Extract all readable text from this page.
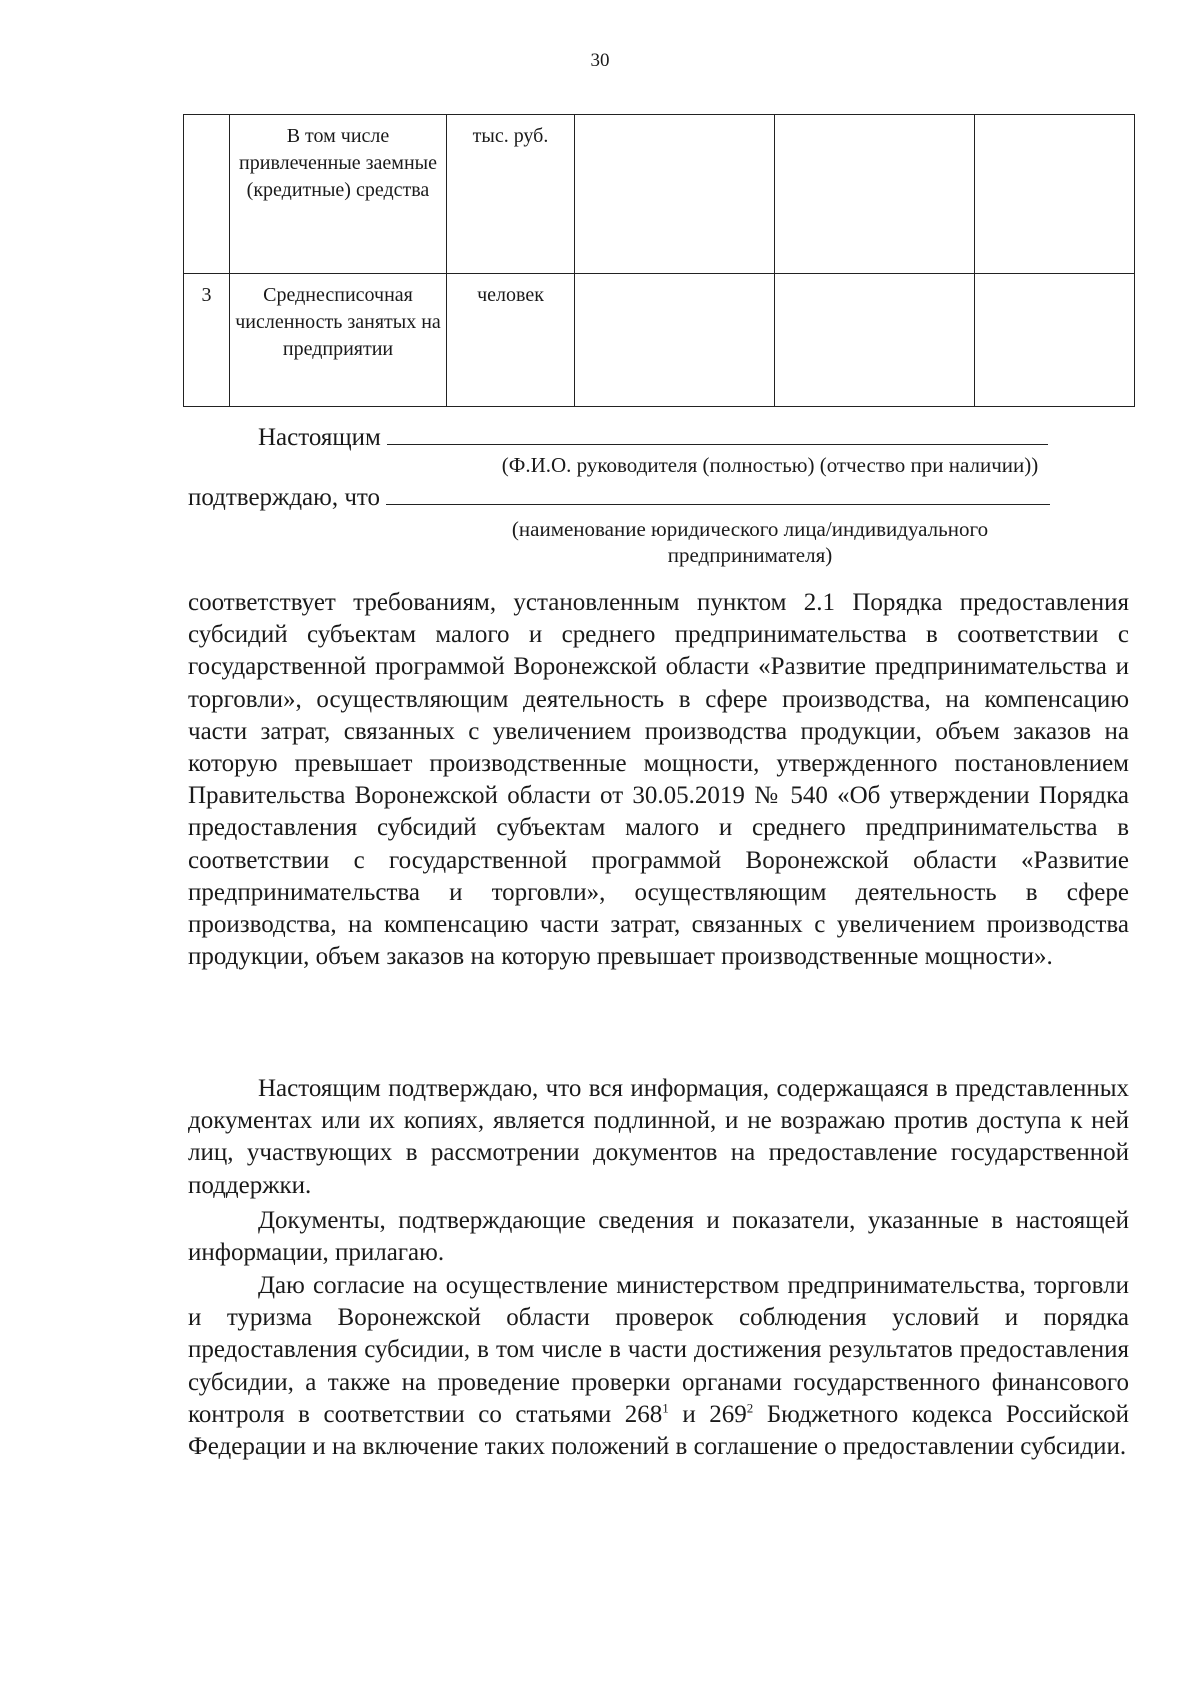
30
	В том числе привлеченные заемные (кредитные) средства	тыс. руб.			
3	Среднесписочная численность занятых на предприятии	человек			
Настоящим
(Ф.И.О. руководителя (полностью) (отчество при наличии))
подтверждаю, что
(наименование юридического лица/индивидуального предпринимателя)

соответствует требованиям, установленным пунктом 2.1 Порядка предоставления субсидий субъектам малого и среднего предпринимательства в соответствии с государственной программой Воронежской области «Развитие предпринимательства и торговли», осуществляющим деятельность в сфере производства, на компенсацию части затрат, связанных с увеличением производства продукции, объем заказов на которую превышает производственные мощности, утвержденного постановлением Правительства Воронежской области от 30.05.2019 № 540 «Об утверждении Порядка предоставления субсидий субъектам малого и среднего предпринимательства в соответствии с государственной программой Воронежской области «Развитие предпринимательства и торговли», осуществляющим деятельность в сфере производства, на компенсацию части затрат, связанных с увеличением производства продукции, объем заказов на которую превышает производственные мощности».

Настоящим подтверждаю, что вся информация, содержащаяся в представленных документах или их копиях, является подлинной, и не возражаю против доступа к ней лиц, участвующих в рассмотрении документов на предоставление государственной поддержки.

Документы, подтверждающие сведения и показатели, указанные в настоящей информации, прилагаю.

Даю согласие на осуществление министерством предпринимательства, торговли и туризма Воронежской области проверок соблюдения условий и порядка предоставления субсидии, в том числе в части достижения результатов предоставления субсидии, а также на проведение проверки органами государственного финансового контроля в соответствии со статьями $268^1$ и $269^2$ Бюджетного кодекса Российской Федерации и на включение таких положений в соглашение о предоставлении субсидии.
